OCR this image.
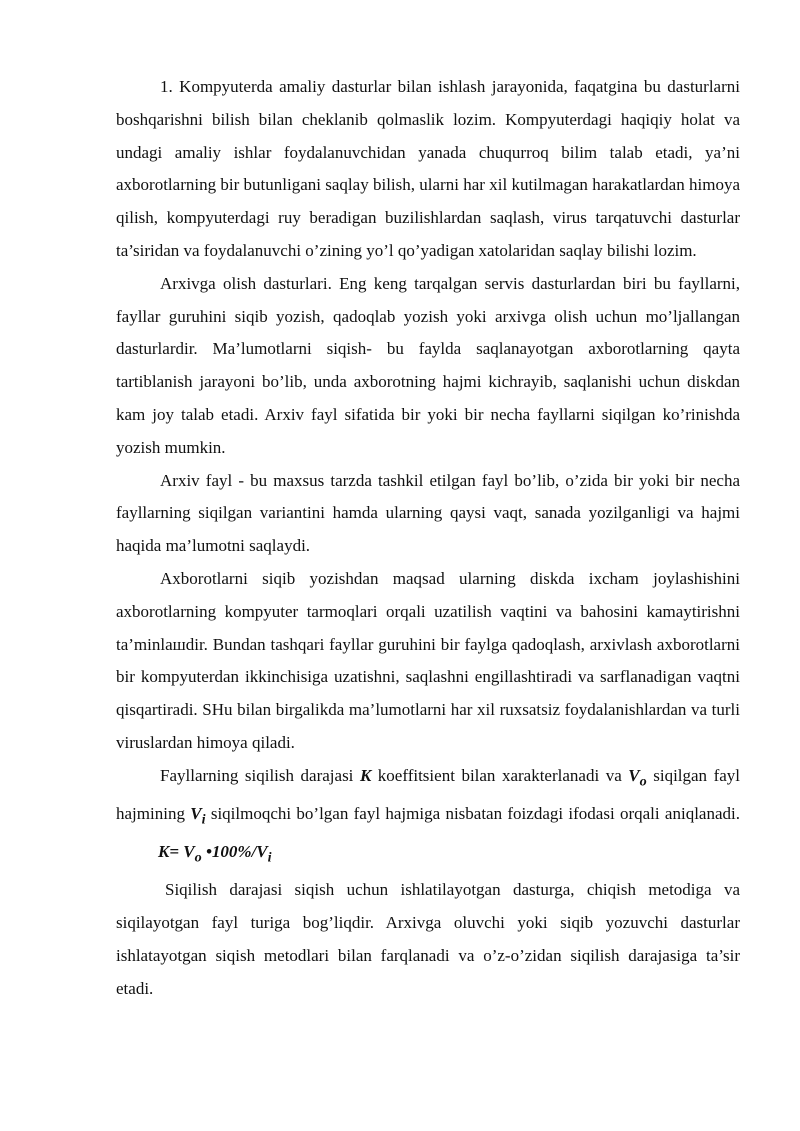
1. Kompyuterda amaliy dasturlar bilan ishlash jarayonida, faqatgina bu dasturlarni boshqarishni bilish bilan cheklanib qolmaslik lozim. Kompyuterdagi haqiqiy holat va undagi amaliy ishlar foydalanuvchidan yanada chuqurroq bilim talab etadi, ya’ni axborotlarning bir butunligani saqlay bilish, ularni har xil kutilmagan harakatlardan himoya qilish, kompyuterdagi ruy beradigan buzilishlardan saqlash, virus tarqatuvchi dasturlar ta’siridan va foydalanuvchi o’zining yo’l qo’yadigan xatolaridan saqlay bilishi lozim.

Arxivga olish dasturlari. Eng keng tarqalgan servis dasturlardan biri bu fayllarni, fayllar guruhini siqib yozish, qadoqlab yozish yoki arxivga olish uchun mo’ljallangan dasturlardir. Ma’lumotlarni siqish- bu faylda saqlanayotgan axborotlarning qayta tartiblanish jarayoni bo’lib, unda axborotning hajmi kichrayib, saqlanishi uchun diskdan kam joy talab etadi. Arxiv fayl sifatida bir yoki bir necha fayllarni siqilgan ko’rinishda yozish mumkin.

Arxiv fayl - bu maxsus tarzda tashkil etilgan fayl bo’lib, o’zida bir yoki bir necha fayllarning siqilgan variantini hamda ularning qaysi vaqt, sanada yozilganligi va hajmi haqida ma’lumotni saqlaydi.

Axborotlarni siqib yozishdan maqsad ularning diskda ixcham joylashishini axborotlarning kompyuter tarmoqlari orqali uzatilish vaqtini va bahosini kamaytirishni ta’minlaшdir. Bundan tashqari fayllar guruhini bir faylga qadoqlash, arxivlash axborotlarni bir kompyuterdan ikkinchisiga uzatishni, saqlashni engillashtiradi va sarflanadigan vaqtni qisqartiradi. SHu bilan birgalikda ma’lumotlarni har xil ruxsatsiz foydalanishlardan va turli viruslardan himoya qiladi.

Fayllarning siqilish darajasi K koeffitsient bilan xarakterlanadi va $V_o$ siqilgan fayl hajmining $V_i$ siqilmoqchi bo’lgan fayl hajmiga nisbatan foizdagi ifodasi orqali aniqlanadi.K= $V_o$ $•100\%/V_i$

Siqilish darajasi siqish uchun ishlatilayotgan dasturga, chiqish metodiga va siqilayotgan fayl turiga bog’liqdir. Arxivga oluvchi yoki siqib yozuvchi dasturlar ishlatayotgan siqish metodlari bilan farqlanadi va o’z-o’zidan siqilish darajasiga ta’sir etadi.
